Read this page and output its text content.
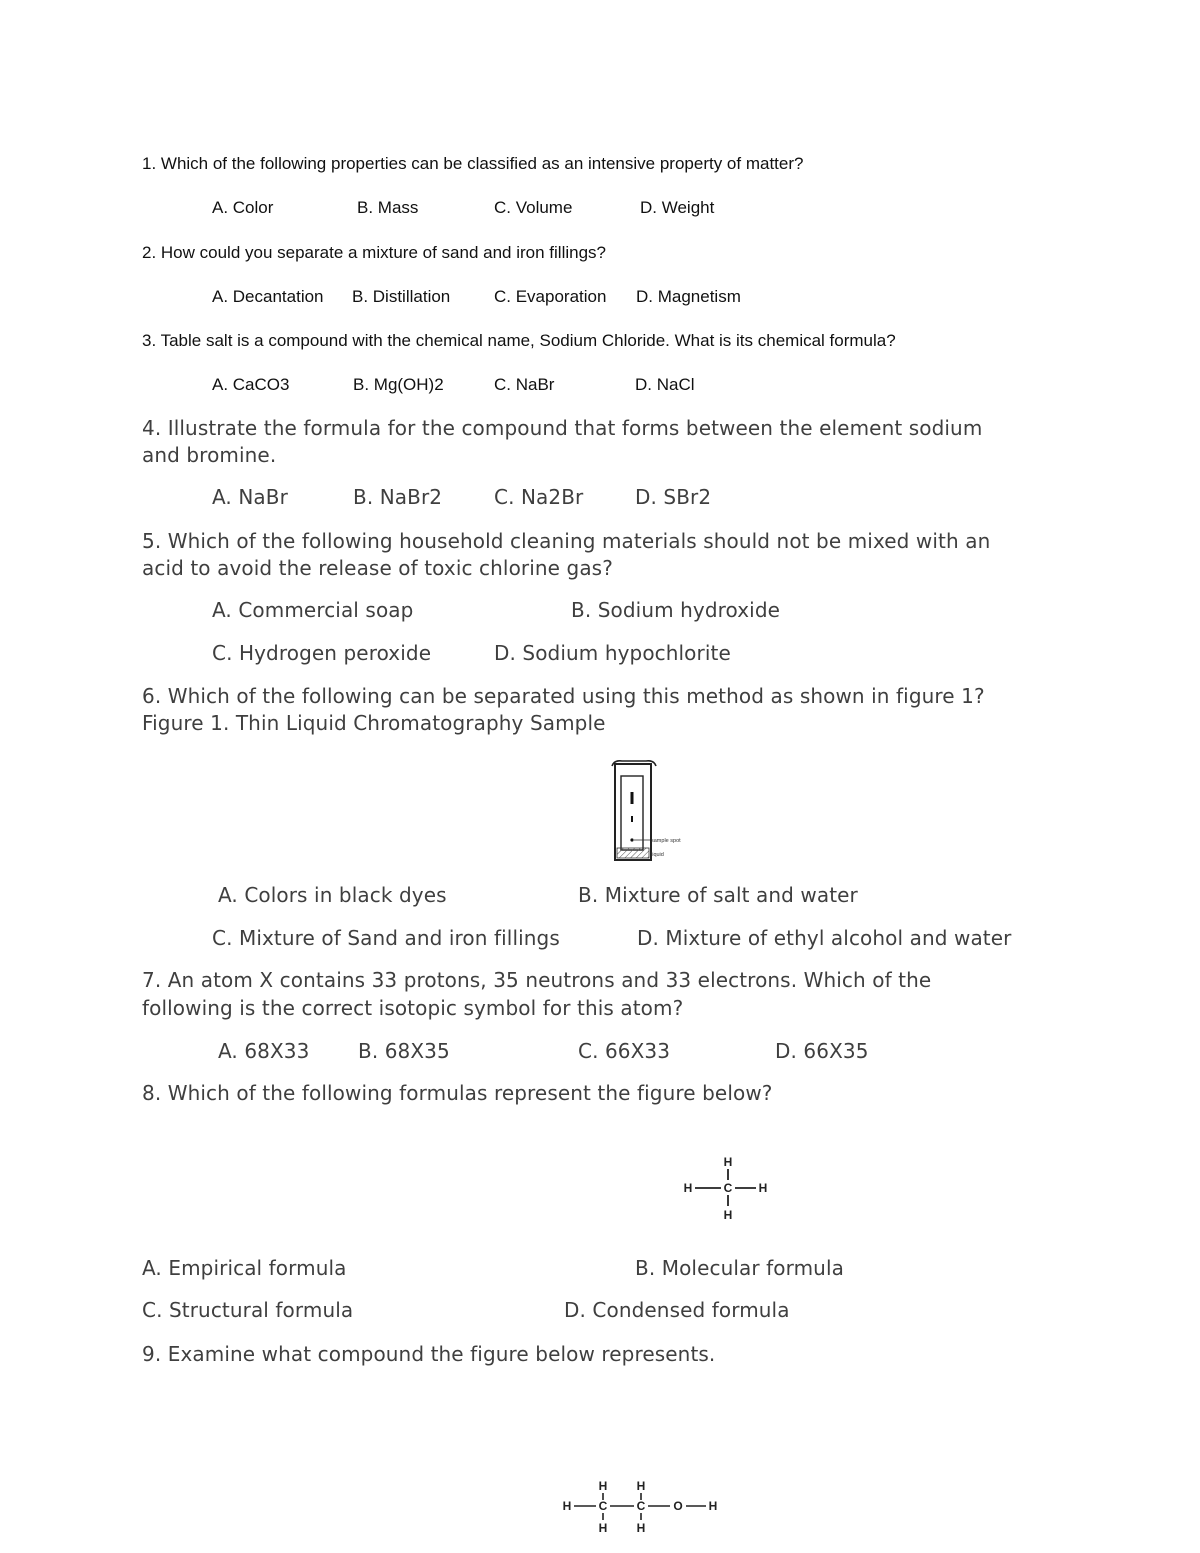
1. Which of the following properties can be classified as an intensive property of matter?
A. Color	B. Mass	C. Volume	D. Weight
2. How could you separate a mixture of sand and iron fillings?
A. Decantation B. Distillation	C. Evaporation D. Magnetism
3. Table salt is a compound with the chemical name, Sodium Chloride. What is its chemical formula?
A. CaCO3	B. Mg(OH)2	C. NaBr	D. NaCl
4. Illustrate the formula for the compound that forms between the element sodium
and bromine.
A. NaBr	B. NaBr2	C. Na2Br	D. SBr2
5. Which of the following household cleaning materials should not be mixed with an
acid to avoid the release of toxic chlorine gas?
A. Commercial soap	B. Sodium hydroxide
C. Hydrogen peroxide	D. Sodium hypochlorite
6. Which of the following can be separated using this method as shown in figure 1?
Figure 1. Thin Liquid Chromatography Sample
sample spot
liquid
A. Colors in black dyes	B. Mixture of salt and water
C. Mixture of Sand and iron fillings	D. Mixture of ethyl alcohol and water
7. An atom X contains 33 protons, 35 neutrons and 33 electrons. Which of the
following is the correct isotopic symbol for this atom?
A. 68X33 B. 68X35	C. 66X33	D. 66X35
8. Which of the following formulas represent the figure below?
H
H	C H
H
A. Empirical formula	B. Molecular formula
C. Structural formula	D. Condensed formula
9. Examine what compound the figure below represents.
H H
H C C O H
H H
